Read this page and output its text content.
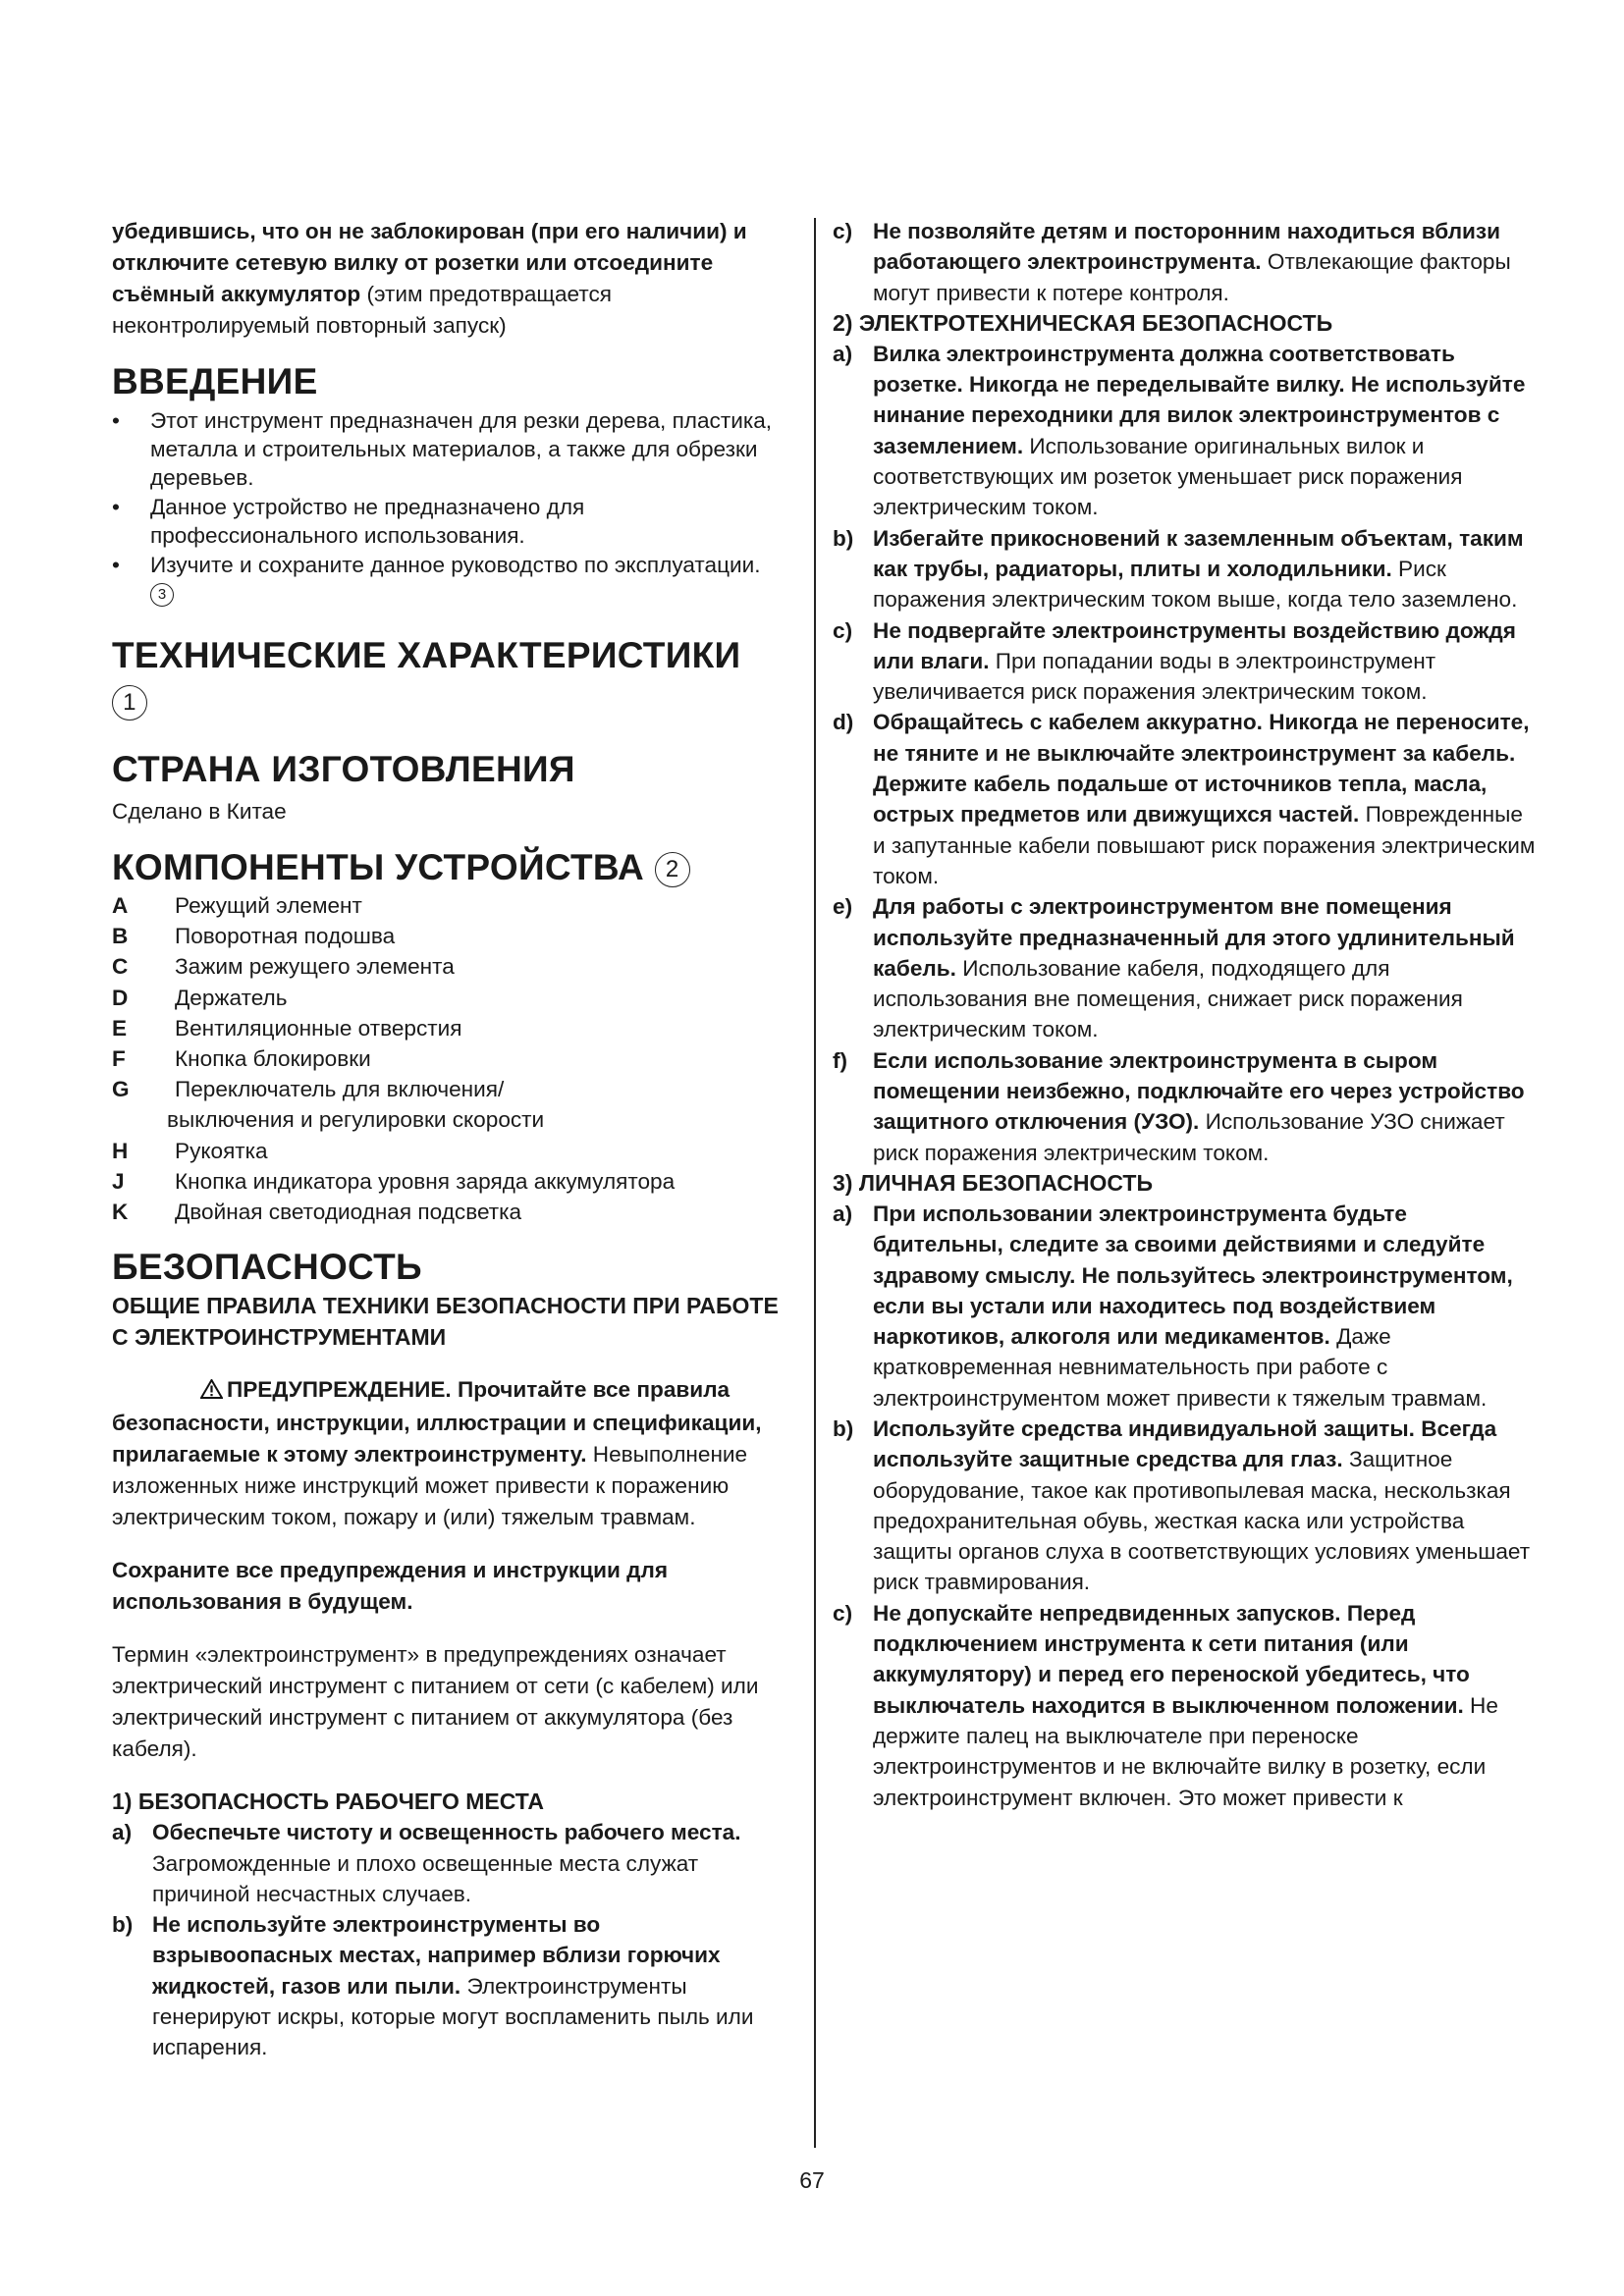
убедившись, что он не заблокирован (при его наличии) и отключите сетевую вилку от розетки или отсоедините съёмный аккумулятор (этим предотвращается неконтролируемый повторный запуск)

ВВЕДЕНИЕ
• Этот инструмент предназначен для резки дерева, пластика, металла и строительных материалов, а также для обрезки деревьев.
• Данное устройство не предназначено для профессионального использования.
• Изучите и сохраните данное руководство по эксплуатации. 3
ТЕХНИЧЕСКИЕ ХАРАКТЕРИСТИКИ 1
СТРАНА ИЗГОТОВЛЕНИЯ

Сделано в Китае

КОМПОНЕНТЫ УСТРОЙСТВА 2
A Режущий элемент
B Поворотная подошва
C Зажим режущего элемента
D Держатель
E Вентиляционные отверстия
F Кнопка блокировки
G Переключатель для включения/
выключения и регулировки скорости
H Рукоятка
J Кнопка индикатора уровня заряда аккумулятора
K Двойная светодиодная подсветка
БЕЗОПАСНОСТЬ
ОБЩИЕ ПРАВИЛА ТЕХНИКИ БЕЗОПАСНОСТИ ПРИ РАБОТЕ С ЭЛЕКТРОИНСТРУМЕНТАМИ

ПРЕДУПРЕЖДЕНИЕ. Прочитайте все правила безопасности, инструкции, иллюстрации и спецификации, прилагаемые к этому электроинструменту. Невыполнение изложенных ниже инструкций может привести к поражению электрическим током, пожару и (или) тяжелым травмам.

Сохраните все предупреждения и инструкции для использования в будущем.

Термин «электроинструмент» в предупреждениях означает электрический инструмент с питанием от сети (с кабелем) или электрический инструмент с питанием от аккумулятора (без кабеля).

1) БЕЗОПАСНОСТЬ РАБОЧЕГО МЕСТА
a) Обеспечьте чистоту и освещенность рабочего места. Загроможденные и плохо освещенные места служат причиной несчастных случаев.
b) Не используйте электроинструменты во взрывоопасных местах, например вблизи горючих жидкостей, газов или пыли. Электроинструменты генерируют искры, которые могут воспламенить пыль или испарения.
c) Не позволяйте детям и посторонним находиться вблизи работающего электроинструмента. Отвлекающие факторы могут привести к потере контроля.
2) ЭЛЕКТРОТЕХНИЧЕСКАЯ БЕЗОПАСНОСТЬ
a) Вилка электроинструмента должна соответствовать розетке. Никогда не переделывайте вилку. Не используйте нинание переходники для вилок электроинструментов с заземлением. Использование оригинальных вилок и соответствующих им розеток уменьшает риск поражения электрическим током.
b) Избегайте прикосновений к заземленным объектам, таким как трубы, радиаторы, плиты и холодильники. Риск поражения электрическим током выше, когда тело заземлено.
c) Не подвергайте электроинструменты воздействию дождя или влаги. При попадании воды в электроинструмент увеличивается риск поражения электрическим током.
d) Обращайтесь с кабелем аккуратно. Никогда не переносите, не тяните и не выключайте электроинструмент за кабель. Держите кабель подальше от источников тепла, масла, острых предметов или движущихся частей. Поврежденные и запутанные кабели повышают риск поражения электрическим током.
e) Для работы с электроинструментом вне помещения используйте предназначенный для этого удлинительный кабель. Использование кабеля, подходящего для использования вне помещения, снижает риск поражения электрическим током.
f) Если использование электроинструмента в сыром помещении неизбежно, подключайте его через устройство защитного отключения (УЗО). Использование УЗО снижает риск поражения электрическим током.
3) ЛИЧНАЯ БЕЗОПАСНОСТЬ
a) При использовании электроинструмента будьте бдительны, следите за своими действиями и следуйте здравому смыслу. Не пользуйтесь электроинструментом, если вы устали или находитесь под воздействием наркотиков, алкоголя или медикаментов. Даже кратковременная невнимательность при работе с электроинструментом может привести к тяжелым травмам.
b) Используйте средства индивидуальной защиты. Всегда используйте защитные средства для глаз. Защитное оборудование, такое как противопылевая маска, нескользкая предохранительная обувь, жесткая каска или устройства защиты органов слуха в соответствующих условиях уменьшает риск травмирования.
c) Не допускайте непредвиденных запусков. Перед подключением инструмента к сети питания (или аккумулятору) и перед его переноской убедитесь, что выключатель находится в выключенном положении. Не держите палец на выключателе при переноске электроинструментов и не включайте вилку в розетку, если электроинструмент включен. Это может привести к
67
